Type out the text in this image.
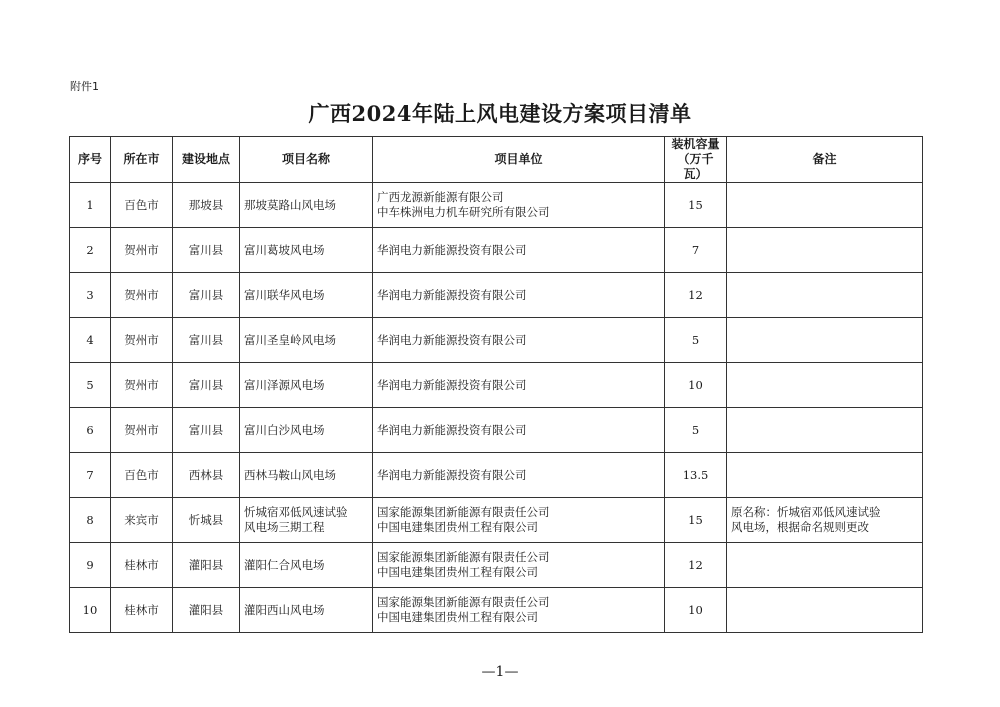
附件1
广西2024年陆上风电建设方案项目清单
序号	所在市	建设地点	项目名称	项目单位	装机容量
（万千瓦）	备注
1	百色市	那坡县	那坡莫路山风电场	广西龙源新能源有限公司
中车株洲电力机车研究所有限公司	15	

2	贺州市	富川县	富川葛坡风电场	华润电力新能源投资有限公司	7	

3	贺州市	富川县	富川联华风电场	华润电力新能源投资有限公司	12	

4	贺州市	富川县	富川圣皇岭风电场	华润电力新能源投资有限公司	5	

5	贺州市	富川县	富川泽源风电场	华润电力新能源投资有限公司	10	

6	贺州市	富川县	富川白沙风电场	华润电力新能源投资有限公司	5	

7	百色市	西林县	西林马鞍山风电场	华润电力新能源投资有限公司	13.5	

8	来宾市	忻城县	忻城宿邓低风速试验
风电场三期工程	国家能源集团新能源有限责任公司
中国电建集团贵州工程有限公司	15	原名称：忻城宿邓低风速试验
风电场，根据命名规则更改

9	桂林市	灌阳县	灌阳仁合风电场	国家能源集团新能源有限责任公司
中国电建集团贵州工程有限公司	12	

10	桂林市	灌阳县	灌阳西山风电场	国家能源集团新能源有限责任公司
中国电建集团贵州工程有限公司	10	
—1—
